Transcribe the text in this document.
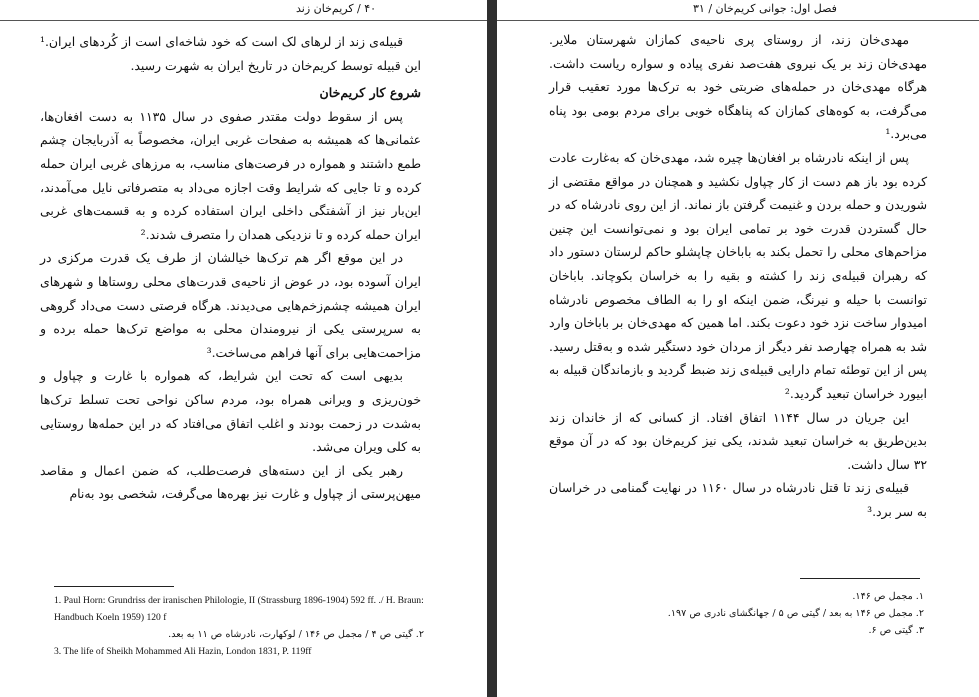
۴۰ / کریم‌خان زند

قبیله‌ی زند از لرهای لک است که خود شاخه‌ای است از کُردهای ایران.¹ این قبیله توسط کریم‌خان در تاریخ ایران به شهرت رسید.

شروع کار کریم‌خان

پس از سقوط دولت مقتدر صفوی در سال ۱۱۳۵ به دست افغان‌ها، عثمانی‌ها که همیشه به صفحات غربی ایران، مخصوصاً به آذربایجان چشم طمع داشتند و همواره در فرصت‌های مناسب، به مرزهای غربی ایران حمله کرده و تا جایی که شرایط وقت اجازه می‌داد به متصرفاتی نایل می‌آمدند، این‌بار نیز از آشفتگی داخلی ایران استفاده کرده و به قسمت‌های غربی ایران حمله کرده و تا نزدیکی همدان را متصرف شدند.²

در این موقع اگر هم ترک‌ها خیالشان از طرف یک قدرت مرکزی در ایران آسوده بود، در عوض از ناحیه‌ی قدرت‌های محلی روستاها و شهرهای ایران همیشه چشم‌زخم‌هایی می‌دیدند. هرگاه فرصتی دست می‌داد گروهی به سرپرستی یکی از نیرومندان محلی به مواضع ترک‌ها حمله برده و مزاحمت‌هایی برای آنها فراهم می‌ساخت.³

بدیهی است که تحت این شرایط، که همواره با غارت و چپاول و خون‌ریزی و ویرانی همراه بود، مردم ساکن نواحی تحت تسلط ترک‌ها به‌شدت در زحمت بودند و اغلب اتفاق می‌افتاد که در این حمله‌ها روستایی به کلی ویران می‌شد.

رهبر یکی از این دسته‌های فرصت‌طلب، که ضمن اعمال و مقاصد میهن‌پرستی از چپاول و غارت نیز بهره‌ها می‌گرفت، شخصی بود به‌نام

1. Paul Horn: Grundriss der iranischen Philologie, II (Strassburg 1896-1904) 592 ff. ./ H. Braun: Handbuch Koeln 1959) 120 f

۲. گیتی ص ۴ / مجمل ص ۱۴۶ / لوکهارت، نادرشاه ص ۱۱ به بعد.

3. The life of Sheikh Mohammed Ali Hazin, London 1831, P. 119ff

فصل اول: جوانی کریم‌خان / ۳۱

مهدی‌خان زند، از روستای پری ناحیه‌ی کمازان شهرستان ملایر. مهدی‌خان زند بر یک نیروی هفت‌صد نفری پیاده و سواره ریاست داشت. هرگاه مهدی‌خان در حمله‌های ضربتی خود به ترک‌ها مورد تعقیب قرار می‌گرفت، به کوه‌های کمازان که پناهگاه خوبی برای مردم بومی بود پناه می‌برد.¹

پس از اینکه نادرشاه بر افغان‌ها چیره شد، مهدی‌خان که به‌غارت عادت کرده بود باز هم دست از کار چپاول نکشید و همچنان در مواقع مقتضی از شوریدن و حمله بردن و غنیمت گرفتن باز نماند. از این روی نادرشاه که در حال گستردن قدرت خود بر تمامی ایران بود و نمی‌توانست این چنین مزاحم‌های محلی را تحمل بکند به باباخان چاپشلو حاکم لرستان دستور داد که رهبران قبیله‌ی زند را کشته و بقیه را به خراسان بکوچاند. باباخان توانست با حیله و نیرنگ، ضمن اینکه او را به الطاف مخصوص نادرشاه امیدوار ساخت نزد خود دعوت بکند. اما همین که مهدی‌خان بر باباخان وارد شد به همراه چهارصد نفر دیگر از مردان خود دستگیر شده و به‌قتل رسید. پس از این توطئه تمام دارایی قبیله‌ی زند ضبط گردید و بازماندگان قبیله به ابیورد خراسان تبعید گردید.²

این جریان در سال ۱۱۴۴ اتفاق افتاد. از کسانی که از خاندان زند بدین‌طریق به خراسان تبعید شدند، یکی نیز کریم‌خان بود که در آن موقع ۳۲ سال داشت.

قبیله‌ی زند تا قتل نادرشاه در سال ۱۱۶۰ در نهایت گمنامی در خراسان به سر برد.³

۱. مجمل ص ۱۴۶.

۲. مجمل ص ۱۴۶ به بعد / گیتی ص ۵ / جهانگشای نادری ص ۱۹۷.

۳. گیتی ص ۶.
